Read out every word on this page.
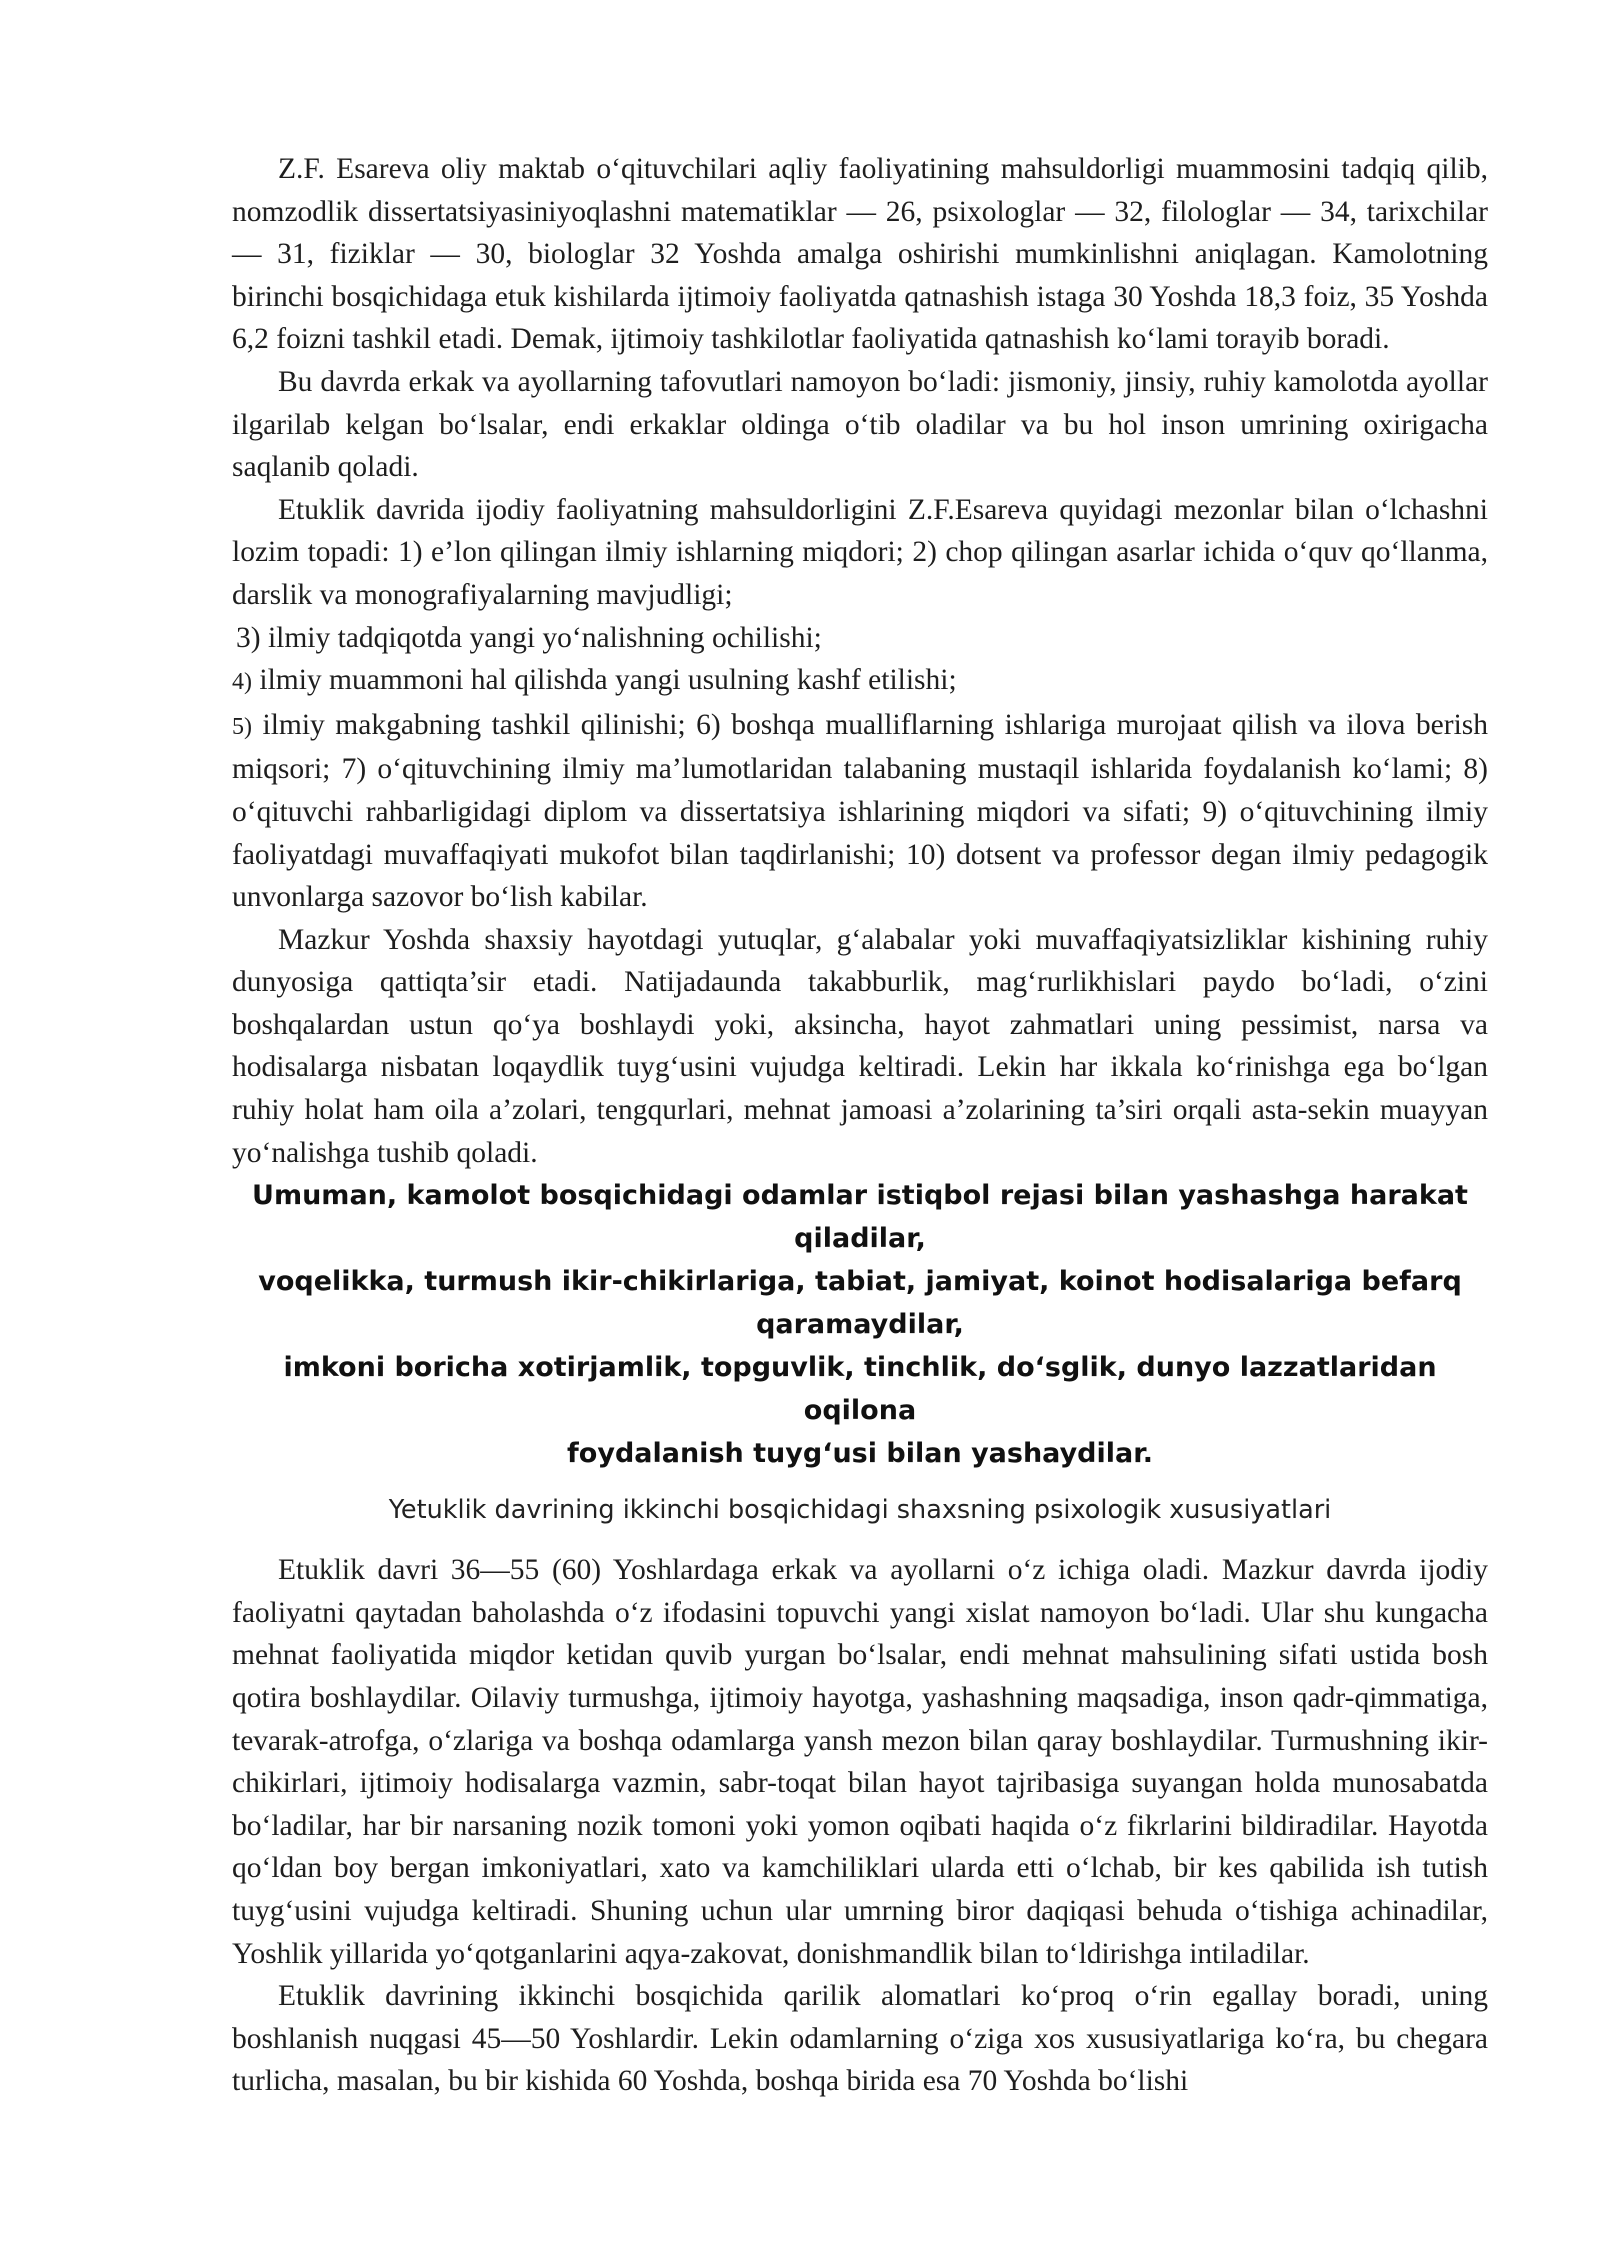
Z.F. Esareva oliy maktab o‘qituvchilari aqliy faoliyatining mahsuldorligi muammosini tadqiq qilib, nomzodlik dissertatsiyasiniyoqlashni matematiklar — 26, psixologlar — 32, filologlar — 34, tarixchilar — 31, fiziklar — 30, biologlar 32 Yoshda amalga oshirishi mumkinlishni aniqlagan. Kamolotning birinchi bosqichidaga etuk kishilarda ijtimoiy faoliyatda qatnashish istaga 30 Yoshda 18,3 foiz, 35 Yoshda 6,2 foizni tashkil etadi. Demak, ijtimoiy tashkilotlar faoliyatida qatnashish ko‘lami torayib boradi.

Bu davrda erkak va ayollarning tafovutlari namoyon bo‘ladi: jismoniy, jinsiy, ruhiy kamolotda ayollar ilgarilab kelgan bo‘lsalar, endi erkaklar oldinga o‘tib oladilar va bu hol inson umrining oxirigacha saqlanib qoladi.

Etuklik davrida ijodiy faoliyatning mahsuldorligini Z.F.Esareva quyidagi mezonlar bilan o‘lchashni lozim topadi: 1) e’lon qilingan ilmiy ishlarning miqdori; 2) chop qilingan asarlar ichida o‘quv qo‘llanma, darslik va monografiyalarning mavjudligi;

3) ilmiy tadqiqotda yangi yo‘nalishning ochilishi;

4) ilmiy muammoni hal qilishda yangi usulning kashf etilishi;

5) ilmiy makgabning tashkil qilinishi; 6) boshqa mualliflarning ishlariga murojaat qilish va ilova berish miqsori; 7) o‘qituvchining ilmiy ma’lumotlaridan talabaning mustaqil ishlarida foydalanish ko‘lami; 8) o‘qituvchi rahbarligidagi diplom va dissertatsiya ishlarining miqdori va sifati; 9) o‘qituvchining ilmiy faoliyatdagi muvaffaqiyati mukofot bilan taqdirlanishi; 10) dotsent va professor degan ilmiy pedagogik unvonlarga sazovor bo‘lish kabilar.

Mazkur Yoshda shaxsiy hayotdagi yutuqlar, g‘alabalar yoki muvaffaqiyatsizliklar kishining ruhiy dunyosiga qattiqta’sir etadi. Natijadaunda takabburlik, mag‘rurlikhislari paydo bo‘ladi, o‘zini boshqalardan ustun qo‘ya boshlaydi yoki, aksincha, hayot zahmatlari uning pessimist, narsa va hodisalarga nisbatan loqaydlik tuyg‘usini vujudga keltiradi. Lekin har ikkala ko‘rinishga ega bo‘lgan ruhiy holat ham oila a’zolari, tengqurlari, mehnat jamoasi a’zolarining ta’siri orqali asta-sekin muayyan yo‘nalishga tushib qoladi.

Umuman, kamolot bosqichidagi odamlar istiqbol rejasi bilan yashashga harakat qiladilar,

voqelikka, turmush ikir-chikirlariga, tabiat, jamiyat, koinot hodisalariga befarq qaramaydilar,

imkoni boricha xotirjamlik, topguvlik, tinchlik, do‘sglik, dunyo lazzatlaridan oqilona

foydalanish tuyg‘usi bilan yashaydilar.

Yetuklik davrining ikkinchi bosqichidagi shaxsning psixologik xususiyatlari

Etuklik davri 36—55 (60) Yoshlardaga erkak va ayollarni o‘z ichiga oladi. Mazkur davrda ijodiy faoliyatni qaytadan baholashda o‘z ifodasini topuvchi yangi xislat namoyon bo‘ladi. Ular shu kungacha mehnat faoliyatida miqdor ketidan quvib yurgan bo‘lsalar, endi mehnat mahsulining sifati ustida bosh qotira boshlaydilar. Oilaviy turmushga, ijtimoiy hayotga, yashashning maqsadiga, inson qadr-qimmatiga, tevarak-atrofga, o‘zlariga va boshqa odamlarga yansh mezon bilan qaray boshlaydilar. Turmushning ikir-chikirlari, ijtimoiy hodisalarga vazmin, sabr-toqat bilan hayot tajribasiga suyangan holda munosabatda bo‘ladilar, har bir narsaning nozik tomoni yoki yomon oqibati haqida o‘z fikrlarini bildiradilar. Hayotda qo‘ldan boy bergan imkoniyatlari, xato va kamchiliklari ularda etti o‘lchab, bir kes qabilida ish tutish tuyg‘usini vujudga keltiradi. Shuning uchun ular umrning biror daqiqasi behuda o‘tishiga achinadilar, Yoshlik yillarida yo‘qotganlarini aqya-zakovat, donishmandlik bilan to‘ldirishga intiladilar.

Etuklik davrining ikkinchi bosqichida qarilik alomatlari ko‘proq o‘rin egallay boradi, uning boshlanish nuqgasi 45—50 Yoshlardir. Lekin odamlarning o‘ziga xos xususiyatlariga ko‘ra, bu chegara turlicha, masalan, bu bir kishida 60 Yoshda, boshqa birida esa 70 Yoshda bo‘lishi
